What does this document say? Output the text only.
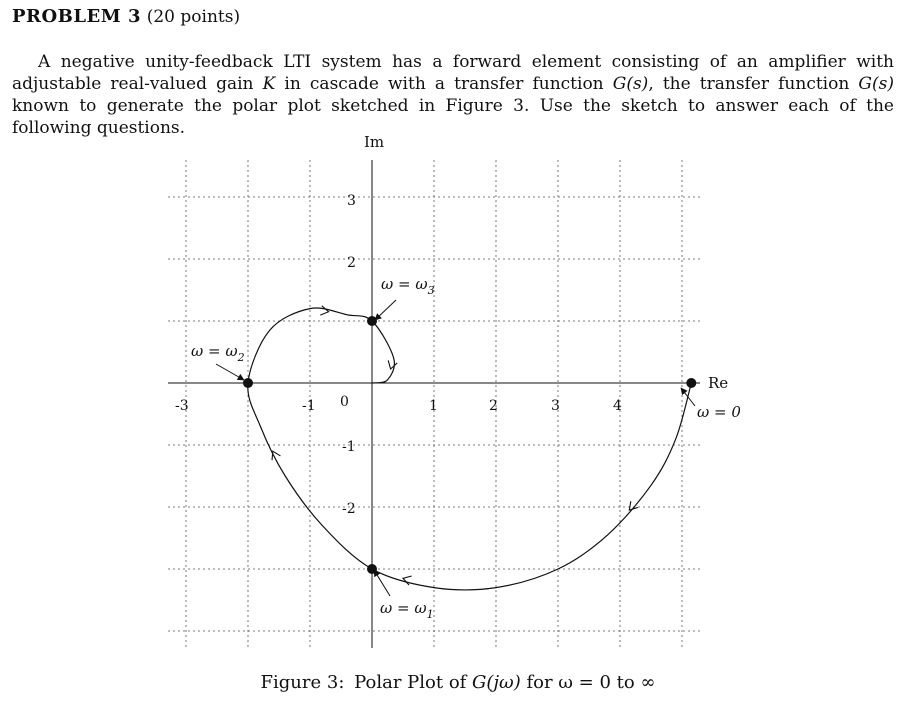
PROBLEM 3 (20 points)

A negative unity-feedback LTI system has a forward element consisting of an amplifier with adjustable real-valued gain K in cascade with a transfer function G(s), the transfer function G(s) known to generate the polar plot sketched in Figure 3. Use the sketch to answer each of the following questions.

Im
Re
-3	-1 0	1	2	3	4
3
2
-1
-2
ω = 0
$\omega = \omega_1$
$\omega = \omega_2$
$\omega = \omega_3$
Figure 3: Polar Plot of G(jω) for ω = 0 to ∞
